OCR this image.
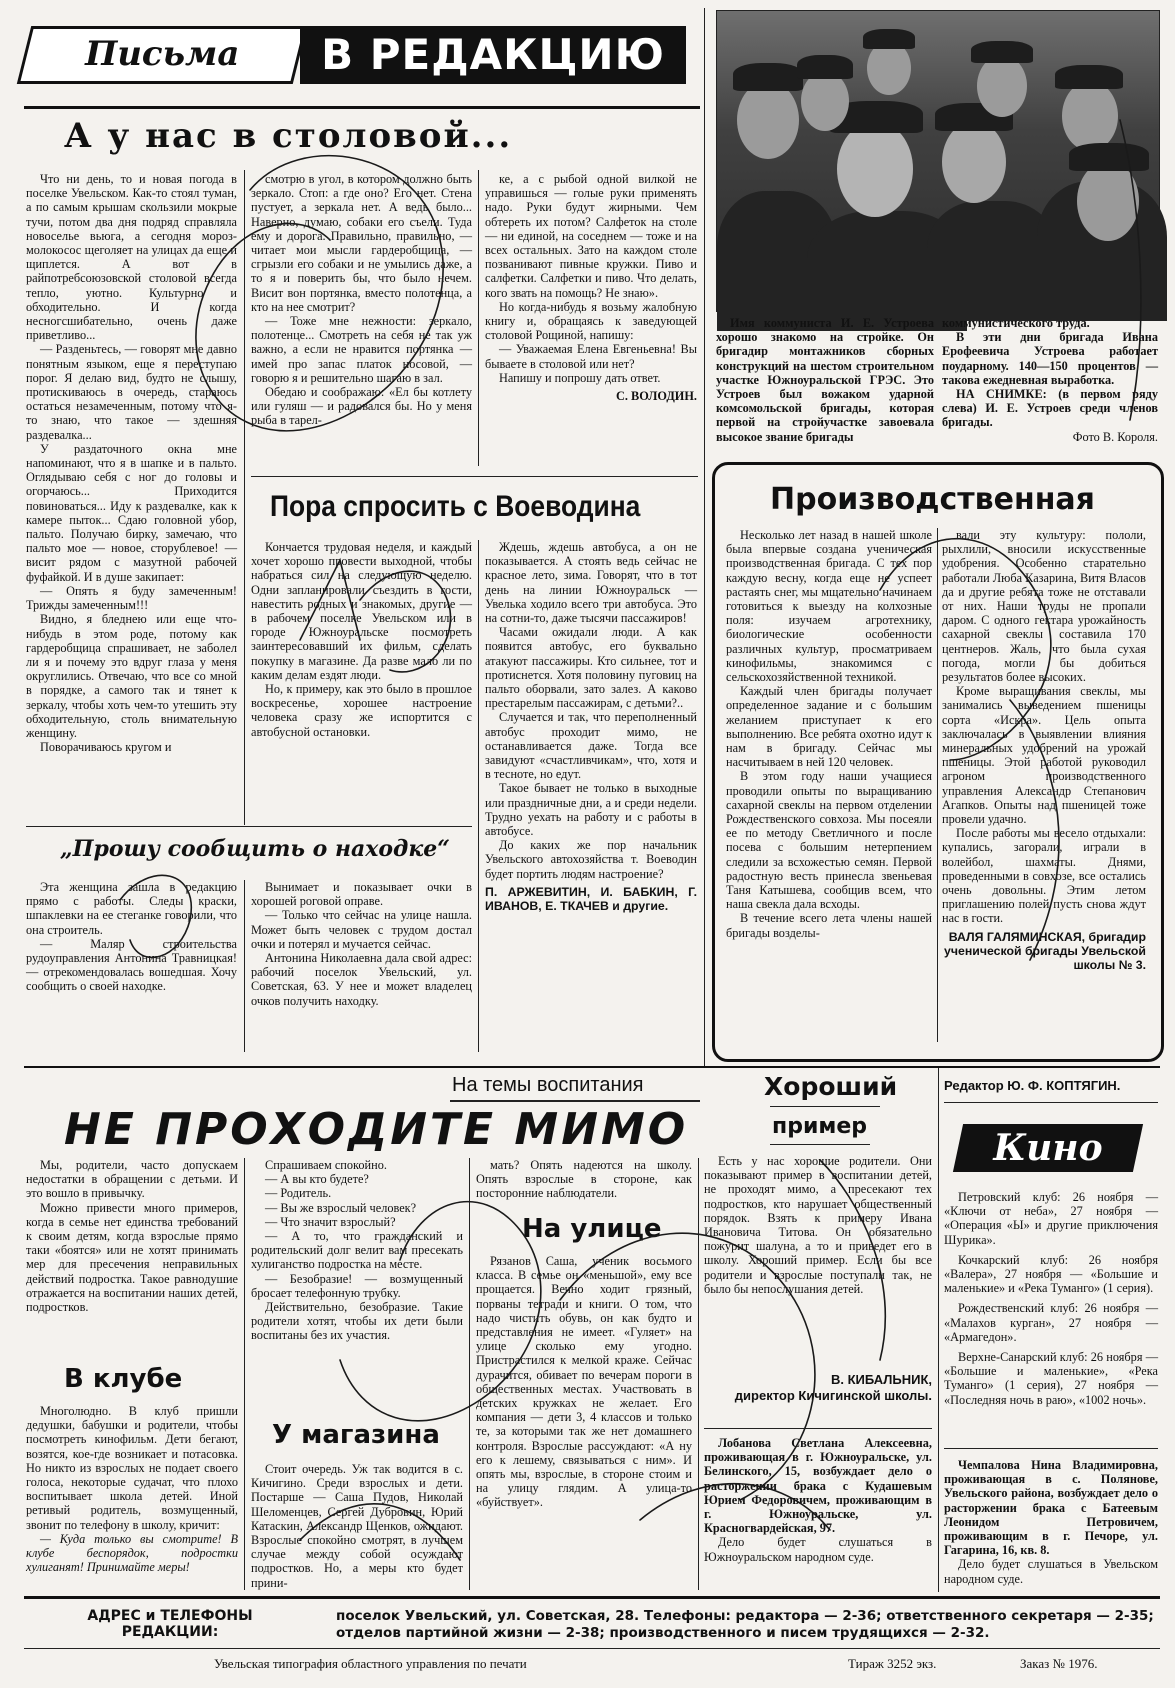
Письма	В РЕДАКЦИЮ
А у нас в столовой...

Что ни день, то и новая погода в поселке Увельском. Как-то стоял туман, а по самым крышам скользили мокрые тучи, потом два дня подряд справляла новоселье вьюга, а сегодня мороз-молокосос щеголяет на улицах да еще и щиплется. А вот в райпотребсоюзовской столовой всегда тепло, уютно. Культурно и обходительно. И когда несногсшибательно, очень даже приветливо...

— Разденьтесь, — говорят мне давно понятным языком, еще я переступаю порог. Я делаю вид, будто не слышу, протискиваюсь в очередь, стараюсь остаться незамеченным, потому что я-то знаю, что такое — здешняя раздевалка...

У раздаточного окна мне напоминают, что я в шапке и в пальто. Оглядываю себя с ног до головы и огорчаюсь... Приходится повиноваться... Иду к раздевалке, как к камере пыток... Сдаю головной убор, пальто. Получаю бирку, замечаю, что пальто мое — новое, сторублевое! — висит рядом с мазутной рабочей фуфайкой. И в душе закипает:

— Опять я буду замеченным! Трижды замеченным!!!

Видно, я бледнею или еще что-нибудь в этом роде, потому как гардеробщица спрашивает, не заболел ли я и почему это вдруг глаза у меня округлились. Отвечаю, что все со мной в порядке, а самого так и тянет к зеркалу, чтобы хоть чем-то утешить эту обходительную, столь внимательную женщину.

Поворачиваюсь кругом и

смотрю в угол, в котором должно быть зеркало. Стоп: а где оно? Его нет. Стена пустует, а зеркала нет. А ведь было... Наверно, думаю, собаки его съели. Туда ему и дорога. Правильно, правильно, — читает мои мысли гардеробщица, — сгрызли его собаки и не умылись даже, а то я и поверить бы, что было нечем. Висит вон портянка, вместо полотенца, а кто на нее смотрит?

— Тоже мне нежности: зеркало, полотенце... Смотреть на себя не так уж важно, а если не нравится портянка — имей про запас платок носовой, — говорю я и решительно шагаю в зал.

Обедаю и соображаю: «Ел бы котлету или гуляш — и радовался бы. Но у меня рыба в тарел-

ке, а с рыбой одной вилкой не управишься — голые руки применять надо. Руки будут жирными. Чем обтереть их потом? Салфеток на столе — ни единой, на соседнем — тоже и на всех остальных. Зато на каждом столе позванивают пивные кружки. Пиво и салфетки. Салфетки и пиво. Что делать, кого звать на помощь? Не знаю».

Но когда-нибудь я возьму жалобную книгу и, обращаясь к заведующей столовой Рощиной, напишу:

— Уважаемая Елена Евгеньевна! Вы бываете в столовой или нет?

Напишу и попрошу дать ответ.

С. ВОЛОДИН.

Имя коммуниста И. Е. Устроева хорошо знакомо на стройке. Он бригадир монтажников сборных конструкций на шестом строительном участке Южноуральской ГРЭС. Это Устроев был вожаком ударной комсомольской бригады, которая первой на стройучастке завоевала высокое звание бригады

коммунистического труда.

В эти дни бригада Ивана Ерофеевича Устроева работает поударному. 140—150 процентов — такова ежедневная выработка.

НА СНИМКЕ: (в первом ряду слева) И. Е. Устроев среди членов бригады.

Фото В. Короля.

Пора спросить с Воеводина

Кончается трудовая неделя, и каждый хочет хорошо провести выходной, чтобы набраться сил на следующую неделю. Одни запланировали съездить в гости, навестить родных и знакомых, другие — в рабочем поселке Увельском или в городе Южноуральске посмотреть заинтересовавший их фильм, сделать покупку в магазине. Да разве мало ли по каким делам ездят люди.

Но, к примеру, как это было в прошлое воскресенье, хорошее настроение человека сразу же испортится с автобусной остановки.

Ждешь, ждешь автобуса, а он не показывается. А стоять ведь сейчас не красное лето, зима. Говорят, что в тот день на линии Южноуральск — Увелька ходило всего три автобуса. Это на сотни-то, даже тысячи пассажиров!

Часами ожидали люди. А как появится автобус, его буквально атакуют пассажиры. Кто сильнее, тот и протиснется. Хотя половину пуговиц на пальто оборвали, зато залез. А каково престарелым пассажирам, с детьми?..

Случается и так, что переполненный автобус проходит мимо, не останавливается даже. Тогда все завидуют «счастливчикам», что, хотя и в тесноте, но едут.

Такое бывает не только в выходные или праздничные дни, а и среди недели. Трудно уехать на работу и с работы в автобусе.

До каких же пор начальник Увельского автохозяйства т. Воеводин будет портить людям настроение?

П. АРЖЕВИТИН, И. БАБКИН, Г. ИВАНОВ, Е. ТКАЧЕВ и другие.

„Прошу сообщить о находке“

Эта женщина зашла в редакцию прямо с работы. Следы краски, шпаклевки на ее стеганке говорили, что она строитель.

— Маляр строительства рудоуправления Антонина Травницкая! — отрекомендовалась вошедшая. Хочу сообщить о своей находке.

Вынимает и показывает очки в хорошей роговой оправе.

— Только что сейчас на улице нашла. Может быть человек с трудом достал очки и потерял и мучается сейчас.

Антонина Николаевна дала свой адрес: рабочий поселок Увельский, ул. Советская, 63. У нее и может владелец очков получить находку.

Производственная

Несколько лет назад в нашей школе была впервые создана ученическая производственная бригада. С тех пор каждую весну, когда еще не успеет растаять снег, мы мщательно начинаем готовиться к выезду на колхозные поля: изучаем агротехнику, биологические особенности различных культур, просматриваем кинофильмы, знакомимся с сельскохозяйственной техникой.

Каждый член бригады получает определенное задание и с большим желанием приступает к его выполнению. Все ребята охотно идут к нам в бригаду. Сейчас мы насчитываем в ней 120 человек.

В этом году наши учащиеся проводили опыты по выращиванию сахарной свеклы на первом отделении Рождественского совхоза. Мы посеяли ее по методу Светличного и после посева с большим нетерпением следили за всхожестью семян. Первой радостную весть принесла звеньевая Таня Катышева, сообщив всем, что наша свекла дала всходы.

В течение всего лета члены нашей бригады возделы-

вали эту культуру: пололи, рыхлили, вносили искусственные удобрения. Особенно старательно работали Люба Казарина, Витя Власов да и другие ребята тоже не отставали от них. Наши труды не пропали даром. С одного гектара урожайность сахарной свеклы составила 170 центнеров. Жаль, что была сухая погода, могли бы добиться результатов более высоких.

Кроме выращивания свеклы, мы занимались выведением пшеницы сорта «Искра». Цель опыта заключалась в выявлении влияния минеральных удобрений на урожай пшеницы. Этой работой руководил агроном производственного управления Александр Степанович Агапков. Опыты над пшеницей тоже провели удачно.

После работы мы весело отдыхали: купались, загорали, играли в волейбол, шахматы. Днями, проведенными в совхозе, все остались очень довольны. Этим летом приглашению полей пусть снова ждут нас в гости.

ВАЛЯ ГАЛЯМИНСКАЯ, бригадир ученической бригады Увельской школы № 3.

На темы воспитания
НЕ ПРОХОДИТЕ МИМО

Мы, родители, часто допускаем недостатки в обращении с детьми. И это вошло в привычку.

Можно привести много примеров, когда в семье нет единства требований к своим детям, когда взрослые прямо таки «боятся» или не хотят принимать мер для пресечения неправильных действий подростка. Такое равнодушие отражается на воспитании наших детей, подростков.

В клубе

Многолюдно. В клуб пришли дедушки, бабушки и родители, чтобы посмотреть кинофильм. Дети бегают, возятся, кое-где возникает и потасовка. Но никто из взрослых не подает своего голоса, некоторые судачат, что плохо воспитывает школа детей. Иной ретивый родитель, возмущенный, звонит по телефону в школу, кричит:

— Куда только вы смотрите! В клубе беспорядок, подростки хулиганят! Принимайте меры!

Спрашиваем спокойно.

— А вы кто будете?

— Родитель.

— Вы же взрослый человек?

— Что значит взрослый?

— А то, что гражданский и родительский долг велит вам пресекать хулиганство подростка на месте.

— Безобразие! — возмущенный бросает телефонную трубку.

Действительно, безобразие. Такие родители хотят, чтобы их дети были воспитаны без их участия.

У магазина

Стоит очередь. Уж так водится в с. Кичигино. Среди взрослых и дети. Постарше — Саша Пудов, Николай Шеломенцев, Сергей Дубровин, Юрий Катаскин, Александр Щенков, ожидают. Взрослые спокойно смотрят, в лучшем случае между собой осуждают подростков. Но, а меры кто будет прини-

мать? Опять надеются на школу. Опять взрослые в стороне, как посторонние наблюдатели.

На улице

Рязанов Саша, ученик восьмого класса. В семье он «меньшой», ему все прощается. Вечно ходит грязный, порваны тетради и книги. О том, что надо чистить обувь, он как будто и представления не имеет. «Гуляет» на улице сколько ему угодно. Пристрастился к мелкой краже. Сейчас дурачится, обивает по вечерам пороги в общественных местах. Участвовать в детских кружках не желает. Его компания — дети 3, 4 классов и только те, за которыми так же нет домашнего контроля. Взрослые рассуждают: «А ну его к лешему, связываться с ним». И опять мы, взрослые, в стороне стоим и на улицу глядим. А улица-то «буйствует».

Хороший
пример

Есть у нас хорошие родители. Они показывают пример в воспитании детей, не проходят мимо, а пресекают тех подростков, кто нарушает общественный порядок. Взять к примеру Ивана Ивановича Титова. Он обязательно пожурит шалуна, а то и приведет его в школу. Хороший пример. Если бы все родители и взрослые поступали так, не было бы непослушания детей.

В. КИБАЛЬНИК,
директор Кичигинской школы.

Лобанова Светлана Алексеевна, проживающая в г. Южноуральске, ул. Белинского, 15, возбуждает дело о расторжении брака с Кудашевым Юрием Федоровичем, проживающим в г. Южноуральске, ул. Красногвардейская, 97.

Дело будет слушаться в Южноуральском народном суде.

Редактор Ю. Ф. КОПТЯГИН.
Кино

Петровский клуб: 26 ноября — «Ключи от неба», 27 ноября — «Операция «Ы» и другие приключения Шурика».

Кочкарский клуб: 26 ноября «Валера», 27 ноября — «Большие и маленькие» и «Река Туманго» (1 серия).

Рождественский клуб: 26 ноября — «Малахов курган», 27 ноября — «Армагедон».

Верхне-Санарский клуб: 26 ноября — «Большие и маленькие», «Река Туманго» (1 серия), 27 ноября — «Последняя ночь в раю», «1002 ночь».

Чемпалова Нина Владимировна, проживающая в с. Полянове, Увельского района, возбуждает дело о расторжении брака с Батеевым Леонидом Петровичем, проживающим в г. Печоре, ул. Гагарина, 16, кв. 8.

Дело будет слушаться в Увельском народном суде.

АДРЕС и ТЕЛЕФОНЫ
РЕДАКЦИИ:
поселок Увельский, ул. Советская, 28. Телефоны: редактора — 2-36; ответственного секретаря — 2-35;
отделов партийной жизни — 2-38; производственного и писем трудящихся — 2-32.
Увельская типография областного управления по печати	Тираж 3252 экз.	Заказ № 1976.
